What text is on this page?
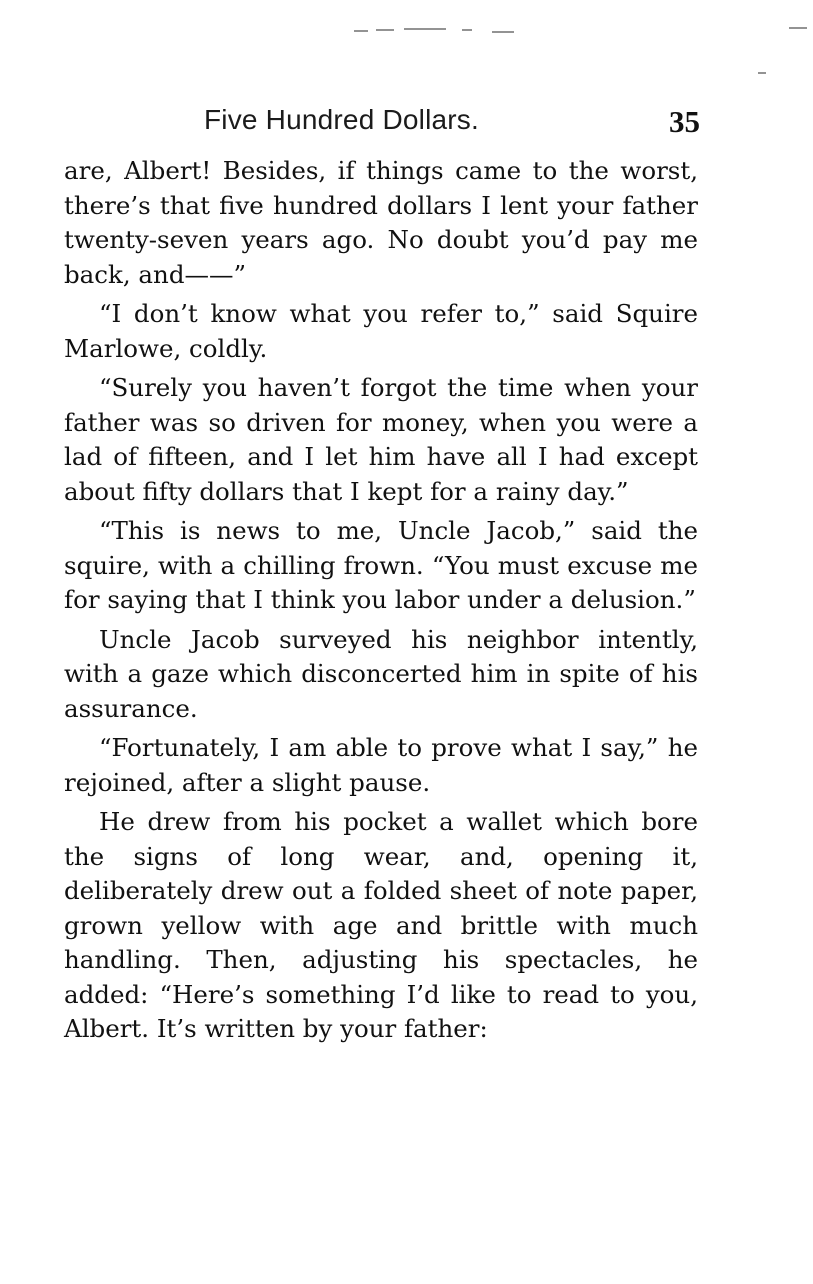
Five Hundred Dollars.	35

are, Albert! Besides, if things came to the worst, there’s that five hundred dollars I lent your father twenty-seven years ago. No doubt you’d pay me back, and——”

“I don’t know what you refer to,” said Squire Marlowe, coldly.

“Surely you haven’t forgot the time when your father was so driven for money, when you were a lad of fifteen, and I let him have all I had except about fifty dollars that I kept for a rainy day.”

“This is news to me, Uncle Jacob,” said the squire, with a chilling frown. “You must excuse me for saying that I think you labor under a delusion.”

Uncle Jacob surveyed his neighbor intently, with a gaze which disconcerted him in spite of his assurance.

“Fortunately, I am able to prove what I say,” he rejoined, after a slight pause.

He drew from his pocket a wallet which bore the signs of long wear, and, opening it, deliberately drew out a folded sheet of note paper, grown yellow with age and brittle with much handling. Then, adjusting his spectacles, he added: “Here’s something I’d like to read to you, Albert. It’s written by your father:
